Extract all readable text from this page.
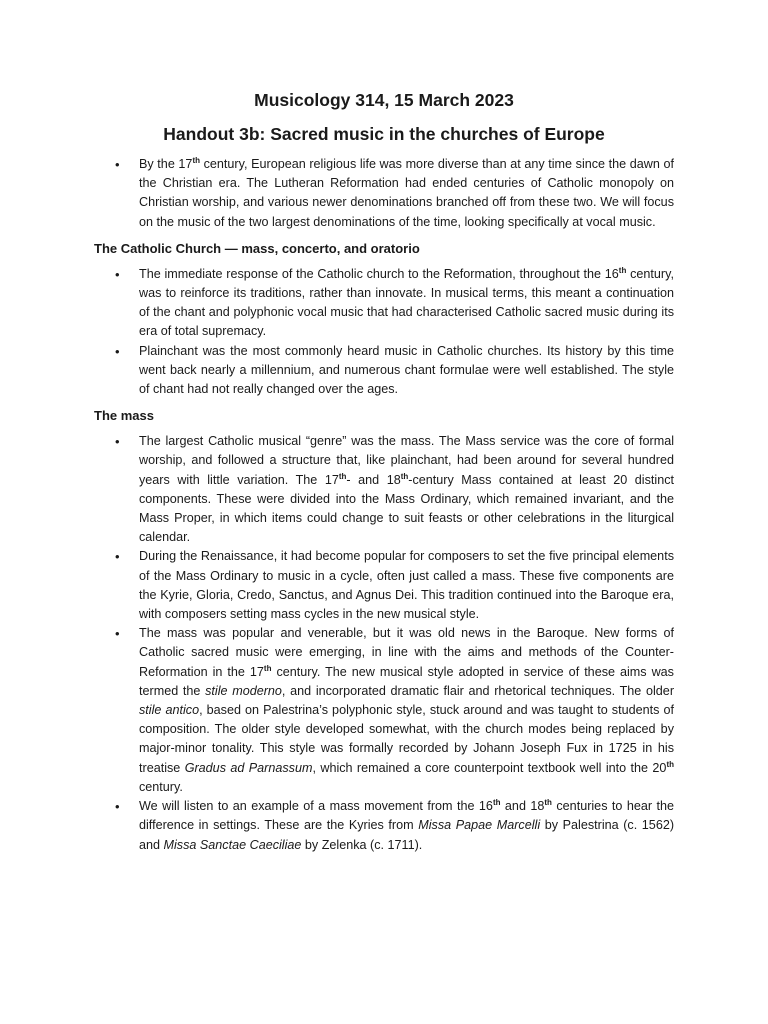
Musicology 314, 15 March 2023
Handout 3b: Sacred music in the churches of Europe
• By the 17th century, European religious life was more diverse than at any time since the dawn of the Christian era. The Lutheran Reformation had ended centuries of Catholic monopoly on Christian worship, and various newer denominations branched off from these two. We will focus on the music of the two largest denominations of the time, looking specifically at vocal music.
The Catholic Church — mass, concerto, and oratorio
• The immediate response of the Catholic church to the Reformation, throughout the 16th century, was to reinforce its traditions, rather than innovate. In musical terms, this meant a continuation of the chant and polyphonic vocal music that had characterised Catholic sacred music during its era of total supremacy.
• Plainchant was the most commonly heard music in Catholic churches. Its history by this time went back nearly a millennium, and numerous chant formulae were well established. The style of chant had not really changed over the ages.
The mass
• The largest Catholic musical “genre” was the mass. The Mass service was the core of formal worship, and followed a structure that, like plainchant, had been around for several hundred years with little variation. The 17th- and 18th-century Mass contained at least 20 distinct components. These were divided into the Mass Ordinary, which remained invariant, and the Mass Proper, in which items could change to suit feasts or other celebrations in the liturgical calendar.
• During the Renaissance, it had become popular for composers to set the five principal elements of the Mass Ordinary to music in a cycle, often just called a mass. These five components are the Kyrie, Gloria, Credo, Sanctus, and Agnus Dei. This tradition continued into the Baroque era, with composers setting mass cycles in the new musical style.
• The mass was popular and venerable, but it was old news in the Baroque. New forms of Catholic sacred music were emerging, in line with the aims and methods of the Counter-Reformation in the 17th century. The new musical style adopted in service of these aims was termed the stile moderno, and incorporated dramatic flair and rhetorical techniques. The older stile antico, based on Palestrina’s polyphonic style, stuck around and was taught to students of composition. The older style developed somewhat, with the church modes being replaced by major-minor tonality. This style was formally recorded by Johann Joseph Fux in 1725 in his treatise Gradus ad Parnassum, which remained a core counterpoint textbook well into the 20th century.
• We will listen to an example of a mass movement from the 16th and 18th centuries to hear the difference in settings. These are the Kyries from Missa Papae Marcelli by Palestrina (c. 1562) and Missa Sanctae Caeciliae by Zelenka (c. 1711).
